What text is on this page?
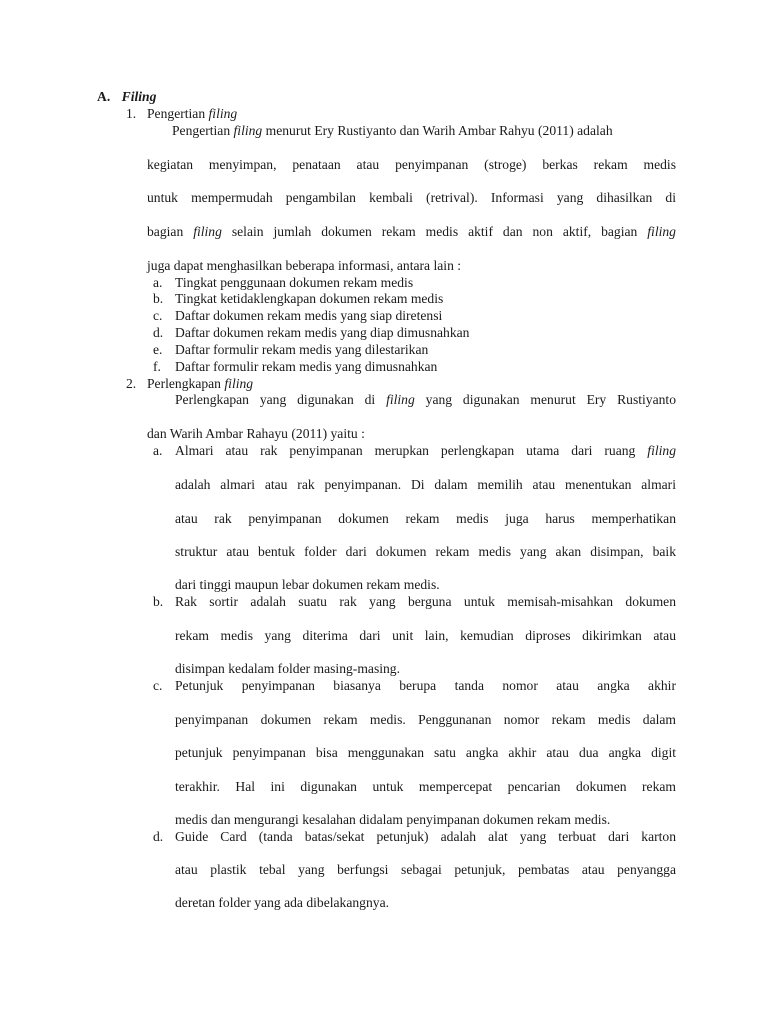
A. Filing
1. Pengertian filing
Pengertian filing menurut Ery Rustiyanto dan Warih Ambar Rahyu (2011) adalah
kegiatan menyimpan, penataan atau penyimpanan (stroge) berkas rekam medis
untuk mempermudah pengambilan kembali (retrival). Informasi yang dihasilkan di
bagian filing selain jumlah dokumen rekam medis aktif dan non aktif, bagian filing
juga dapat menghasilkan beberapa informasi, antara lain :
a. Tingkat penggunaan dokumen rekam medis
b. Tingkat ketidaklengkapan dokumen rekam medis
c. Daftar dokumen rekam medis yang siap diretensi
d. Daftar dokumen rekam medis yang diap dimusnahkan
e. Daftar formulir rekam medis yang dilestarikan
f. Daftar formulir rekam medis yang dimusnahkan
2. Perlengkapan filing
Perlengkapan yang digunakan di filing yang digunakan menurut Ery Rustiyanto
dan Warih Ambar Rahayu (2011) yaitu :
a. Almari atau rak penyimpanan merupkan perlengkapan utama dari ruang filing
adalah almari atau rak penyimpanan. Di dalam memilih atau menentukan almari
atau rak penyimpanan dokumen rekam medis juga harus memperhatikan
struktur atau bentuk folder dari dokumen rekam medis yang akan disimpan, baik
dari tinggi maupun lebar dokumen rekam medis.
b. Rak sortir adalah suatu rak yang berguna untuk memisah-misahkan dokumen
rekam medis yang diterima dari unit lain, kemudian diproses dikirimkan atau
disimpan kedalam folder masing-masing.
c. Petunjuk penyimpanan biasanya berupa tanda nomor atau angka akhir
penyimpanan dokumen rekam medis. Penggunanan nomor rekam medis dalam
petunjuk penyimpanan bisa menggunakan satu angka akhir atau dua angka digit
terakhir. Hal ini digunakan untuk mempercepat pencarian dokumen rekam
medis dan mengurangi kesalahan didalam penyimpanan dokumen rekam medis.
d. Guide Card (tanda batas/sekat petunjuk) adalah alat yang terbuat dari karton
atau plastik tebal yang berfungsi sebagai petunjuk, pembatas atau penyangga
deretan folder yang ada dibelakangnya.
